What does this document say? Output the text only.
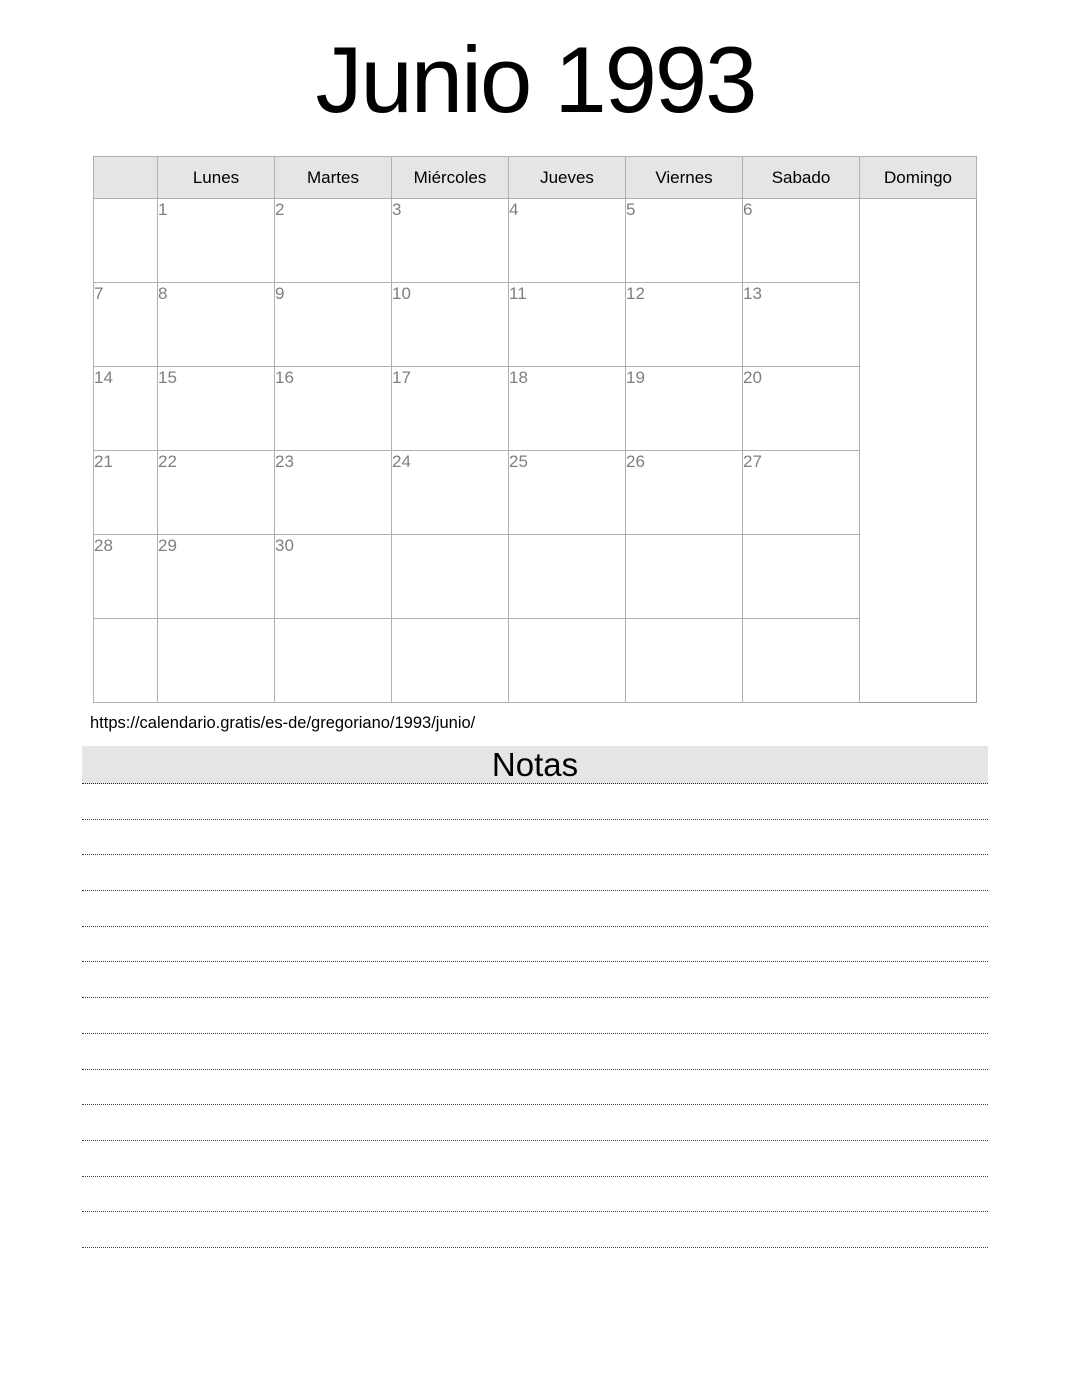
Junio 1993
	Lunes	Martes	Miércoles	Jueves	Viernes	Sabado	Domingo
	1	2	3	4	5	6	
7	8	9	10	11	12	13	
14	15	16	17	18	19	20	
21	22	23	24	25	26	27	
28	29	30					

https://calendario.gratis/es-de/gregoriano/1993/junio/
Notas
